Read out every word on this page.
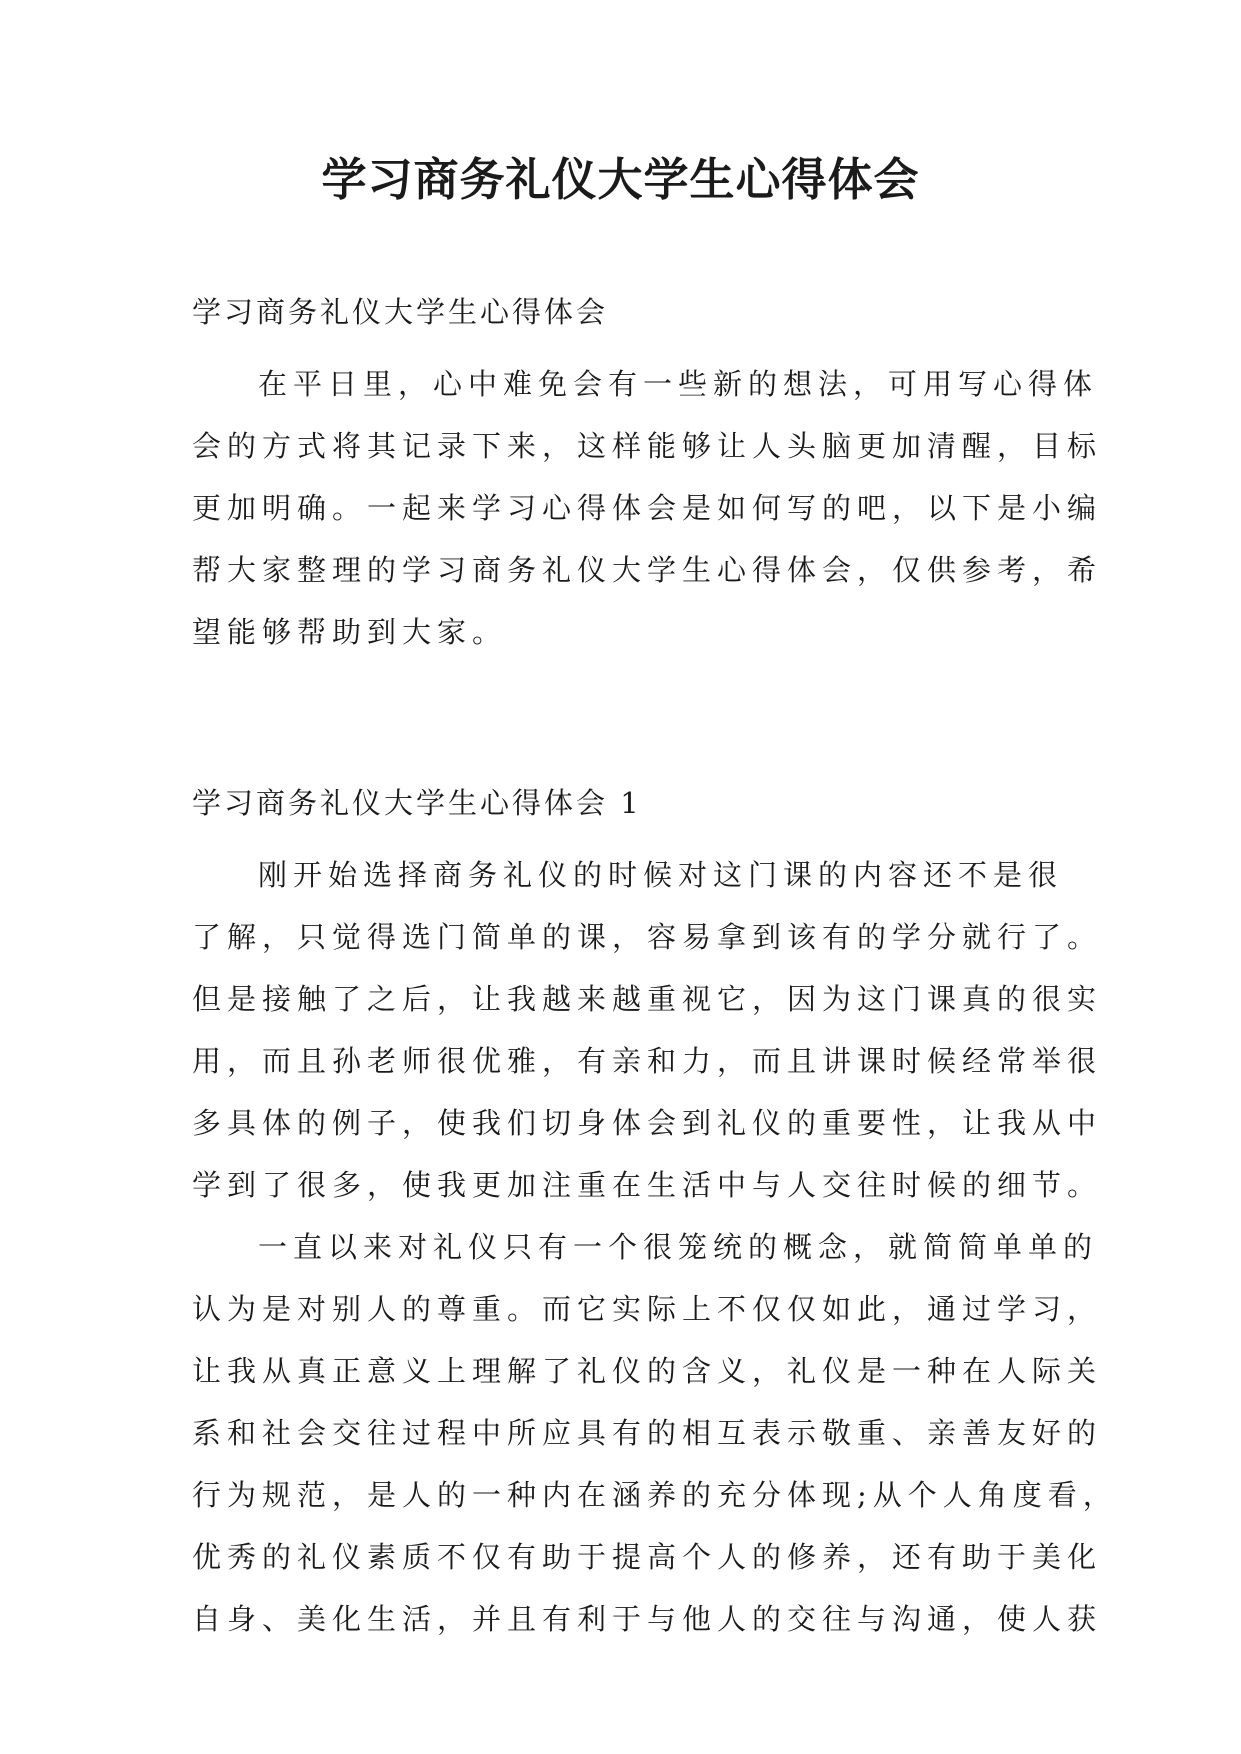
学习商务礼仪大学生心得体会
学习商务礼仪大学生心得体会
在平日里，心中难免会有一些新的想法，可用写心得体
会的方式将其记录下来，这样能够让人头脑更加清醒，目标
更加明确。一起来学习心得体会是如何写的吧，以下是小编
帮大家整理的学习商务礼仪大学生心得体会，仅供参考，希
望能够帮助到大家。
学习商务礼仪大学生心得体会 1
刚开始选择商务礼仪的时候对这门课的内容还不是很
了解，只觉得选门简单的课，容易拿到该有的学分就行了。
但是接触了之后，让我越来越重视它，因为这门课真的很实
用，而且孙老师很优雅，有亲和力，而且讲课时候经常举很
多具体的例子，使我们切身体会到礼仪的重要性，让我从中
学到了很多，使我更加注重在生活中与人交往时候的细节。
一直以来对礼仪只有一个很笼统的概念，就简简单单的
认为是对别人的尊重。而它实际上不仅仅如此，通过学习，
让我从真正意义上理解了礼仪的含义，礼仪是一种在人际关
系和社会交往过程中所应具有的相互表示敬重、亲善友好的
行为规范，是人的一种内在涵养的充分体现;从个人角度看，
优秀的礼仪素质不仅有助于提高个人的修养，还有助于美化
自身、美化生活，并且有利于与他人的交往与沟通，使人获
